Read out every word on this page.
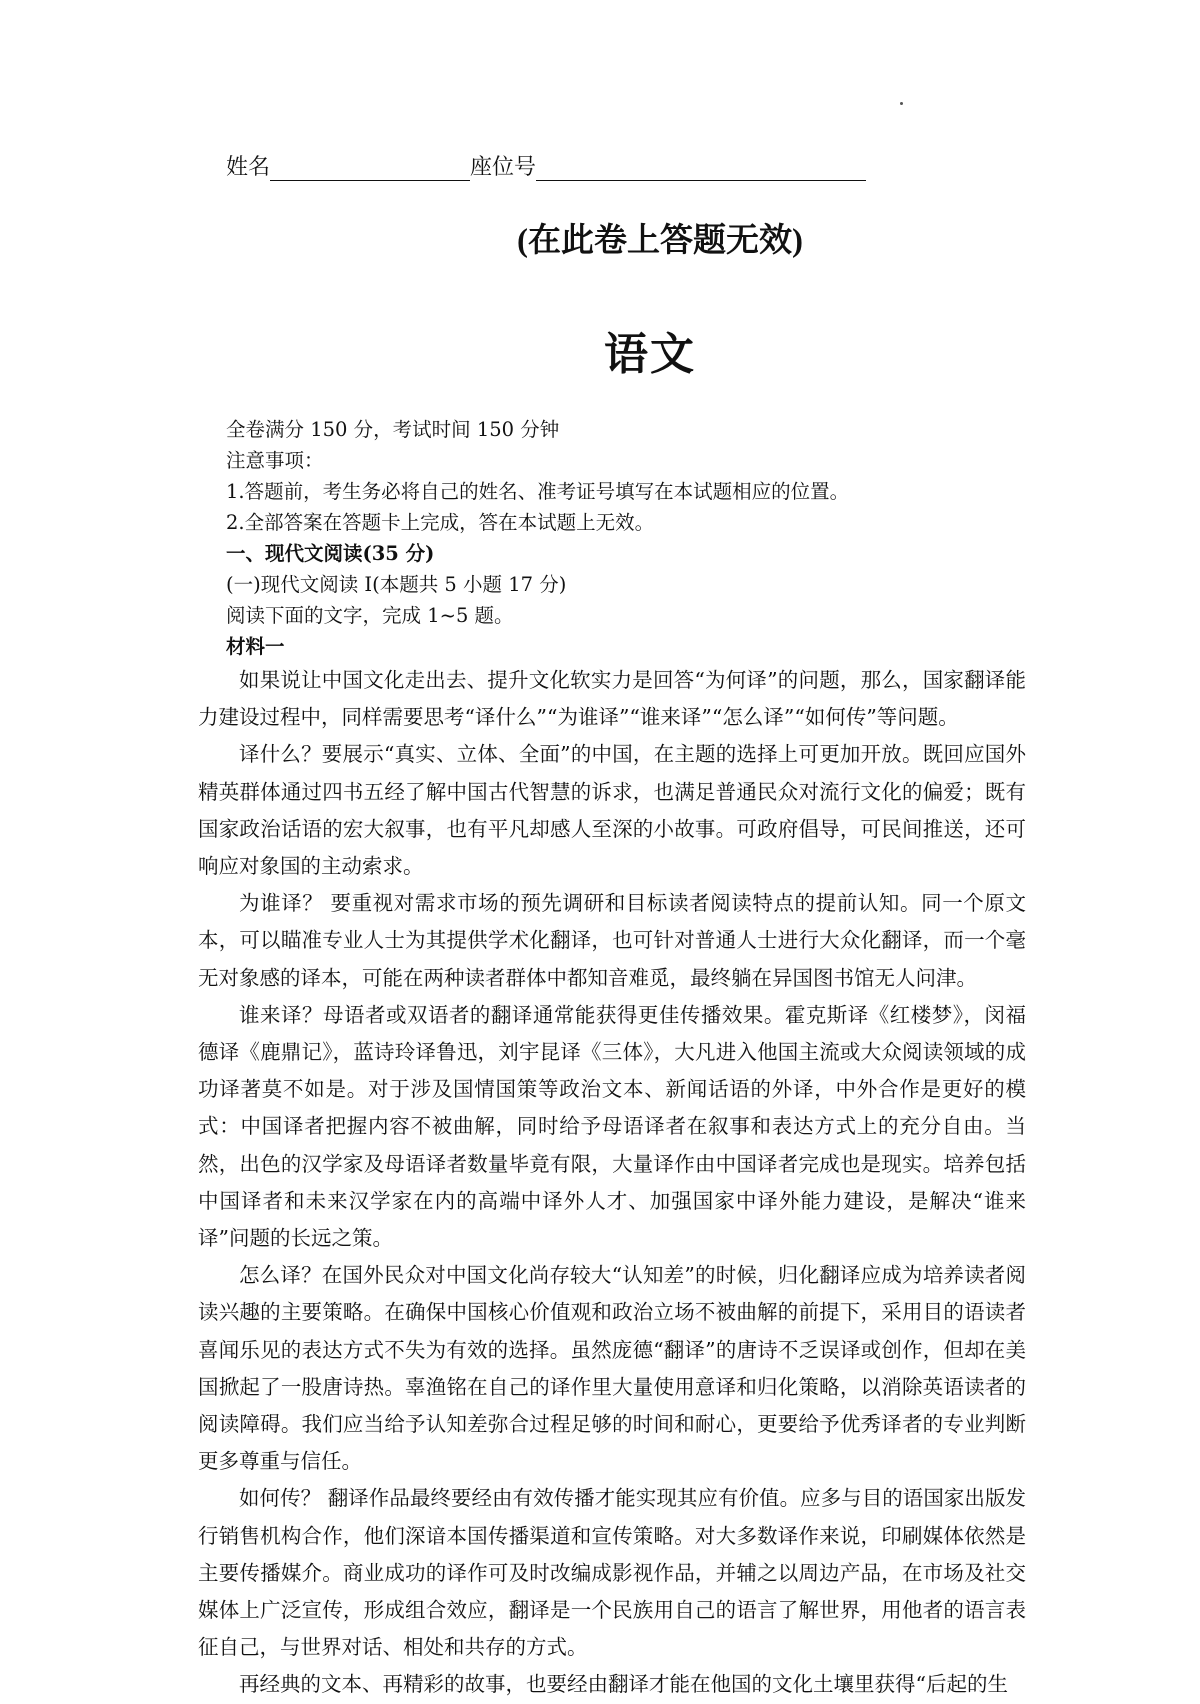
姓名	座位号
(在此卷上答题无效)
语文

全卷满分 150 分，考试时间 150 分钟

注意事项：

1.答题前，考生务必将自己的姓名、准考证号填写在本试题相应的位置。

2.全部答案在答题卡上完成，答在本试题上无效。

一、现代文阅读(35 分)

(一)现代文阅读 I(本题共 5 小题 17 分)

阅读下面的文字，完成 1~5 题。

材料一

如果说让中国文化走出去、提升文化软实力是回答“为何译”的问题，那么，国家翻译能力建设过程中，同样需要思考“译什么”“为谁译”“谁来译”“怎么译”“如何传”等问题。

译什么？要展示“真实、立体、全面”的中国，在主题的选择上可更加开放。既回应国外精英群体通过四书五经了解中国古代智慧的诉求，也满足普通民众对流行文化的偏爱；既有国家政治话语的宏大叙事，也有平凡却感人至深的小故事。可政府倡导，可民间推送，还可响应对象国的主动索求。

为谁译？ 要重视对需求市场的预先调研和目标读者阅读特点的提前认知。同一个原文本，可以瞄准专业人士为其提供学术化翻译，也可针对普通人士进行大众化翻译，而一个毫无对象感的译本，可能在两种读者群体中都知音难觅，最终躺在异国图书馆无人问津。

谁来译？母语者或双语者的翻译通常能获得更佳传播效果。霍克斯译《红楼梦》，闵福德译《鹿鼎记》，蓝诗玲译鲁迅，刘宇昆译《三体》，大凡进入他国主流或大众阅读领域的成功译著莫不如是。对于涉及国情国策等政治文本、新闻话语的外译，中外合作是更好的模式：中国译者把握内容不被曲解，同时给予母语译者在叙事和表达方式上的充分自由。当然，出色的汉学家及母语译者数量毕竟有限，大量译作由中国译者完成也是现实。培养包括中国译者和未来汉学家在内的高端中译外人才、加强国家中译外能力建设，是解决“谁来译”问题的长远之策。

怎么译？在国外民众对中国文化尚存较大“认知差”的时候，归化翻译应成为培养读者阅读兴趣的主要策略。在确保中国核心价值观和政治立场不被曲解的前提下，采用目的语读者喜闻乐见的表达方式不失为有效的选择。虽然庞德“翻译”的唐诗不乏误译或创作，但却在美国掀起了一股唐诗热。辜渔铭在自己的译作里大量使用意译和归化策略，以消除英语读者的阅读障碍。我们应当给予认知差弥合过程足够的时间和耐心，更要给予优秀译者的专业判断更多尊重与信任。

如何传？ 翻译作品最终要经由有效传播才能实现其应有价值。应多与目的语国家出版发行销售机构合作，他们深谙本国传播渠道和宣传策略。对大多数译作来说，印刷媒体依然是主要传播媒介。商业成功的译作可及时改编成影视作品，并辅之以周边产品，在市场及社交媒体上广泛宣传，形成组合效应，翻译是一个民族用自己的语言了解世界，用他者的语言表征自己，与世界对话、相处和共存的方式。

再经典的文本、再精彩的故事，也要经由翻译才能在他国的文化土壤里获得“后起的生
